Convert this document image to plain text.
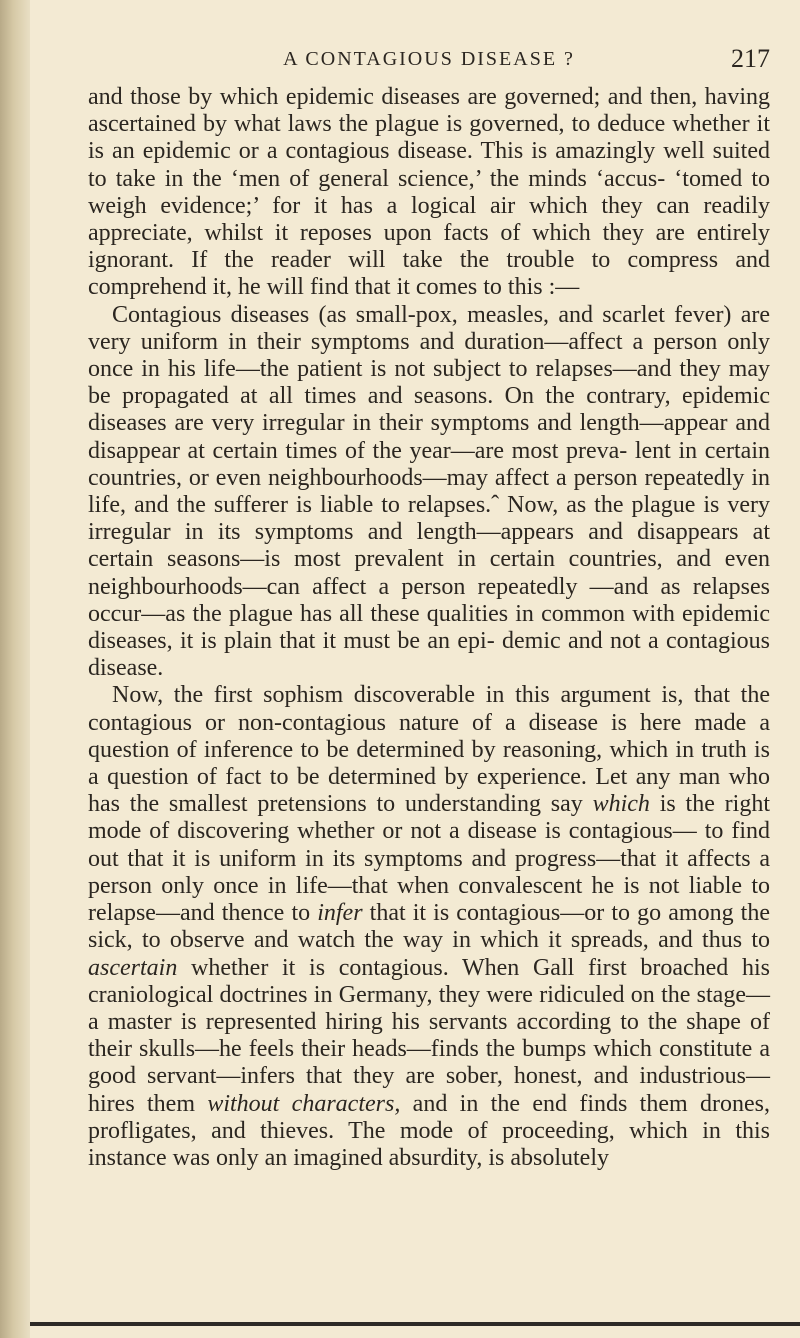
A CONTAGIOUS DISEASE ?	217

and those by which epidemic diseases are governed; and then, having ascertained by what laws the plague is governed, to deduce whether it is an epidemic or a contagious disease. This is amazingly well suited to take in the ‘men of general science,’ the minds ‘accus- ‘tomed to weigh evidence;’ for it has a logical air which they can readily appreciate, whilst it reposes upon facts of which they are entirely ignorant. If the reader will take the trouble to compress and comprehend it, he will find that it comes to this :—

Contagious diseases (as small-pox, measles, and scarlet fever) are very uniform in their symptoms and duration—affect a person only once in his life—the patient is not subject to relapses—and they may be propagated at all times and seasons. On the contrary, epidemic diseases are very irregular in their symptoms and length—appear and disappear at certain times of the year—are most preva- lent in certain countries, or even neighbourhoods—may affect a person repeatedly in life, and the sufferer is liable to relapses.ˆ Now, as the plague is very irregular in its symptoms and length—appears and disappears at certain seasons—is most prevalent in certain countries, and even neighbourhoods—can affect a person repeatedly —and as relapses occur—as the plague has all these qualities in common with epidemic diseases, it is plain that it must be an epi- demic and not a contagious disease.

Now, the first sophism discoverable in this argument is, that the contagious or non-contagious nature of a disease is here made a question of inference to be determined by reasoning, which in truth is a question of fact to be determined by experience. Let any man who has the smallest pretensions to understanding say which is the right mode of discovering whether or not a disease is contagious— to find out that it is uniform in its symptoms and progress—that it affects a person only once in life—that when convalescent he is not liable to relapse—and thence to infer that it is contagious—or to go among the sick, to observe and watch the way in which it spreads, and thus to ascertain whether it is contagious. When Gall first broached his craniological doctrines in Germany, they were ridiculed on the stage—a master is represented hiring his servants according to the shape of their skulls—he feels their heads—finds the bumps which constitute a good servant—infers that they are sober, honest, and industrious—hires them without characters, and in the end finds them drones, profligates, and thieves. The mode of proceeding, which in this instance was only an imagined absurdity, is absolutely
